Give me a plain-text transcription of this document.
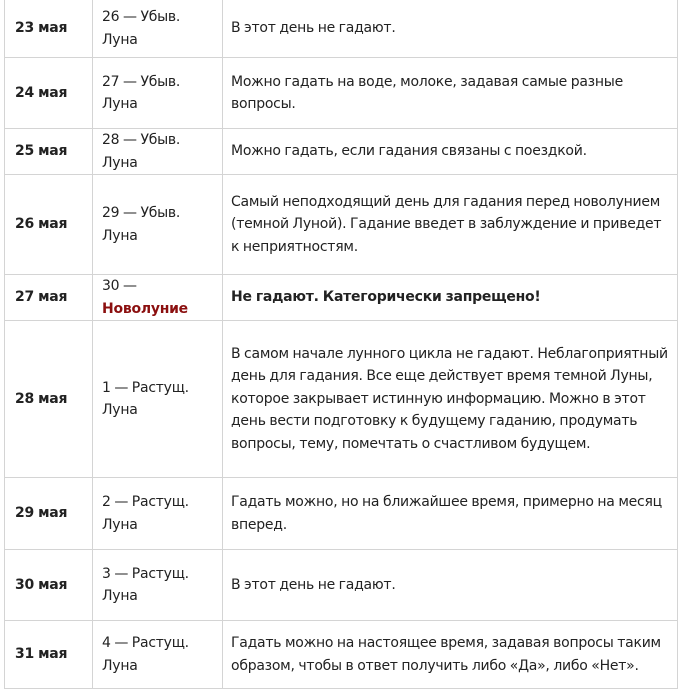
23 мая	26 — Убыв. Луна	В этот день не гадают.
24 мая	27 — Убыв. Луна	Можно гадать на воде, молоке, задавая самые разные вопросы.
25 мая	28 — Убыв. Луна	Можно гадать, если гадания связаны с поездкой.
26 мая	29 — Убыв. Луна	Самый неподходящий день для гадания перед новолунием (темной Луной). Гадание введет в заблуждение и приведет к неприятностям.
27 мая	30 — Новолуние	Не гадают. Категорически запрещено!
28 мая	1 — Растущ. Луна	В самом начале лунного цикла не гадают. Неблагоприятный день для гадания. Все еще действует время темной Луны, которое закрывает истинную информацию. Можно в этот день вести подготовку к будущему гаданию, продумать вопросы, тему, помечтать о счастливом будущем.
29 мая	2 — Растущ. Луна	Гадать можно, но на ближайшее время, примерно на месяц вперед.
30 мая	3 — Растущ. Луна	В этот день не гадают.
31 мая	4 — Растущ. Луна	Гадать можно на настоящее время, задавая вопросы таким образом, чтобы в ответ получить либо «Да», либо «Нет».
